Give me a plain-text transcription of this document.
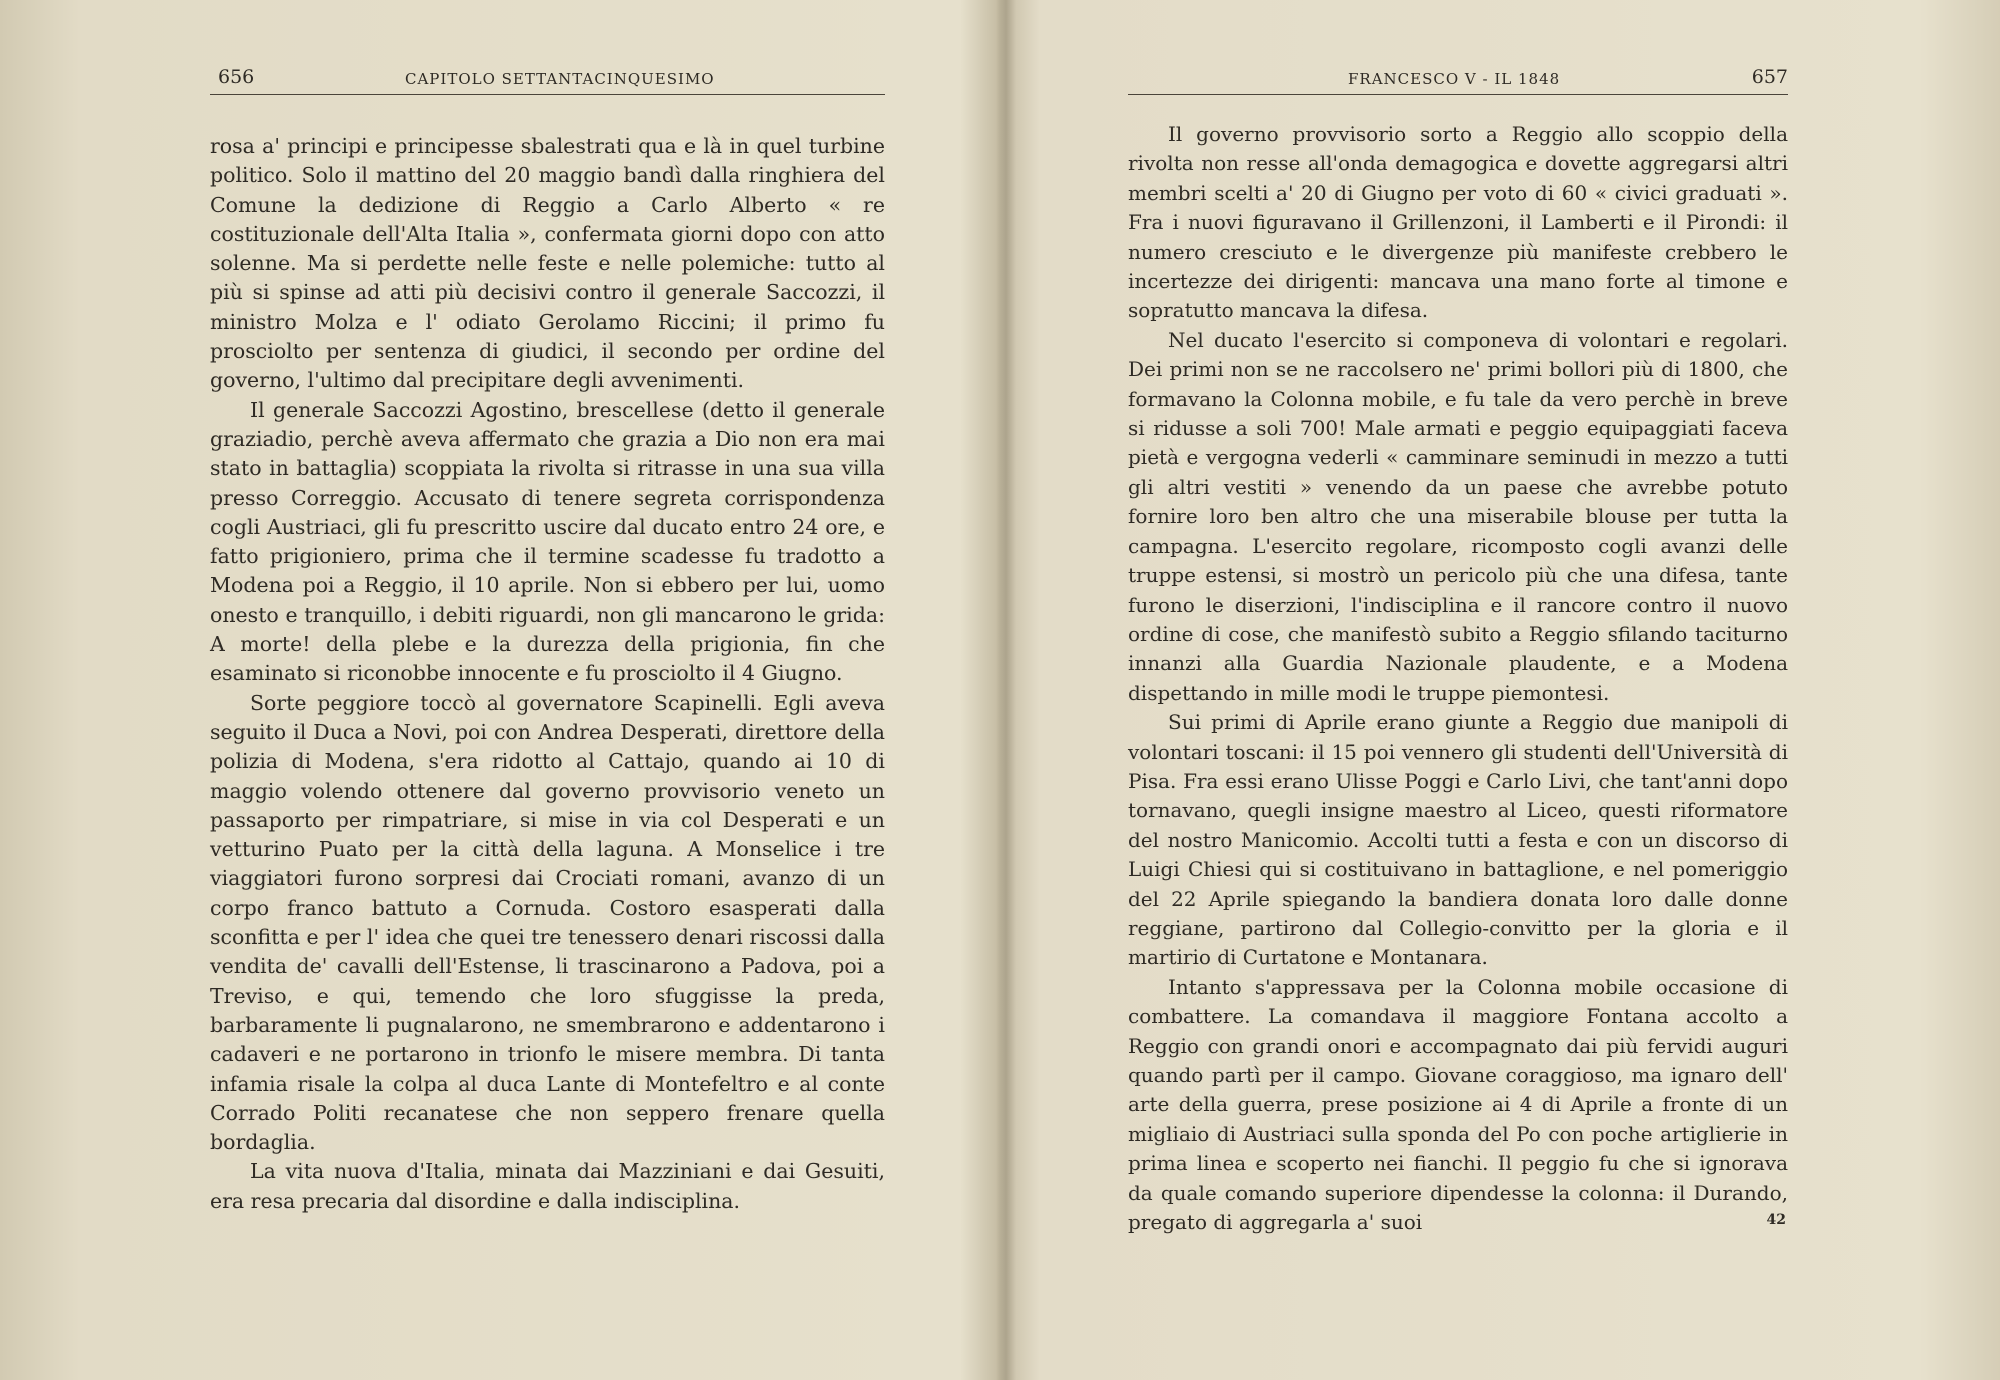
656	CAPITOLO SETTANTACINQUESIMO

rosa a' principi e principesse sbalestrati qua e là in quel turbine politico. Solo il mattino del 20 maggio bandì dalla ringhiera del Comune la dedizione di Reggio a Carlo Alberto « re costituzionale dell'Alta Italia », confermata giorni dopo con atto solenne. Ma si perdette nelle feste e nelle polemiche: tutto al più si spinse ad atti più decisivi contro il generale Saccozzi, il ministro Molza e l' odiato Gerolamo Riccini; il primo fu prosciolto per sentenza di giudici, il secondo per ordine del governo, l'ultimo dal precipitare degli avvenimenti.

Il generale Saccozzi Agostino, brescellese (detto il generale graziadio, perchè aveva affermato che grazia a Dio non era mai stato in battaglia) scoppiata la rivolta si ritrasse in una sua villa presso Correggio. Accusato di tenere segreta corrispondenza cogli Austriaci, gli fu prescritto uscire dal ducato entro 24 ore, e fatto prigioniero, prima che il termine scadesse fu tradotto a Modena poi a Reggio, il 10 aprile. Non si ebbero per lui, uomo onesto e tranquillo, i debiti riguardi, non gli mancarono le grida: A morte! della plebe e la durezza della prigionia, fin che esaminato si riconobbe innocente e fu prosciolto il 4 Giugno.

Sorte peggiore toccò al governatore Scapinelli. Egli aveva seguito il Duca a Novi, poi con Andrea Desperati, direttore della polizia di Modena, s'era ridotto al Cattajo, quando ai 10 di maggio volendo ottenere dal governo provvisorio veneto un passaporto per rimpatriare, si mise in via col Desperati e un vetturino Puato per la città della laguna. A Monselice i tre viaggiatori furono sorpresi dai Crociati romani, avanzo di un corpo franco battuto a Cornuda. Costoro esasperati dalla sconfitta e per l' idea che quei tre tenessero denari riscossi dalla vendita de' cavalli dell'Estense, li trascinarono a Padova, poi a Treviso, e qui, temendo che loro sfuggisse la preda, barbaramente li pugnalarono, ne smembrarono e addentarono i cadaveri e ne portarono in trionfo le misere membra. Di tanta infamia risale la colpa al duca Lante di Montefeltro e al conte Corrado Politi recanatese che non seppero frenare quella bordaglia.

La vita nuova d'Italia, minata dai Mazziniani e dai Gesuiti, era resa precaria dal disordine e dalla indisciplina.

FRANCESCO V - IL 1848	657

Il governo provvisorio sorto a Reggio allo scoppio della rivolta non resse all'onda demagogica e dovette aggregarsi altri membri scelti a' 20 di Giugno per voto di 60 « civici graduati ». Fra i nuovi figuravano il Grillenzoni, il Lamberti e il Pirondi: il numero cresciuto e le divergenze più manifeste crebbero le incertezze dei dirigenti: mancava una mano forte al timone e sopratutto mancava la difesa.

Nel ducato l'esercito si componeva di volontari e regolari. Dei primi non se ne raccolsero ne' primi bollori più di 1800, che formavano la Colonna mobile, e fu tale da vero perchè in breve si ridusse a soli 700! Male armati e peggio equipaggiati faceva pietà e vergogna vederli « camminare seminudi in mezzo a tutti gli altri vestiti » venendo da un paese che avrebbe potuto fornire loro ben altro che una miserabile blouse per tutta la campagna. L'esercito regolare, ricomposto cogli avanzi delle truppe estensi, si mostrò un pericolo più che una difesa, tante furono le diserzioni, l'indisciplina e il rancore contro il nuovo ordine di cose, che manifestò subito a Reggio sfilando taciturno innanzi alla Guardia Nazionale plaudente, e a Modena dispettando in mille modi le truppe piemontesi.

Sui primi di Aprile erano giunte a Reggio due manipoli di volontari toscani: il 15 poi vennero gli studenti dell'Università di Pisa. Fra essi erano Ulisse Poggi e Carlo Livi, che tant'anni dopo tornavano, quegli insigne maestro al Liceo, questi riformatore del nostro Manicomio. Accolti tutti a festa e con un discorso di Luigi Chiesi qui si costituivano in battaglione, e nel pomeriggio del 22 Aprile spiegando la bandiera donata loro dalle donne reggiane, partirono dal Collegio-convitto per la gloria e il martirio di Curtatone e Montanara.

Intanto s'appressava per la Colonna mobile occasione di combattere. La comandava il maggiore Fontana accolto a Reggio con grandi onori e accompagnato dai più fervidi auguri quando partì per il campo. Giovane coraggioso, ma ignaro dell' arte della guerra, prese posizione ai 4 di Aprile a fronte di un migliaio di Austriaci sulla sponda del Po con poche artiglierie in prima linea e scoperto nei fianchi. Il peggio fu che si ignorava da quale comando superiore dipendesse la colonna: il Durando, pregato di aggregarla a' suoi	42
